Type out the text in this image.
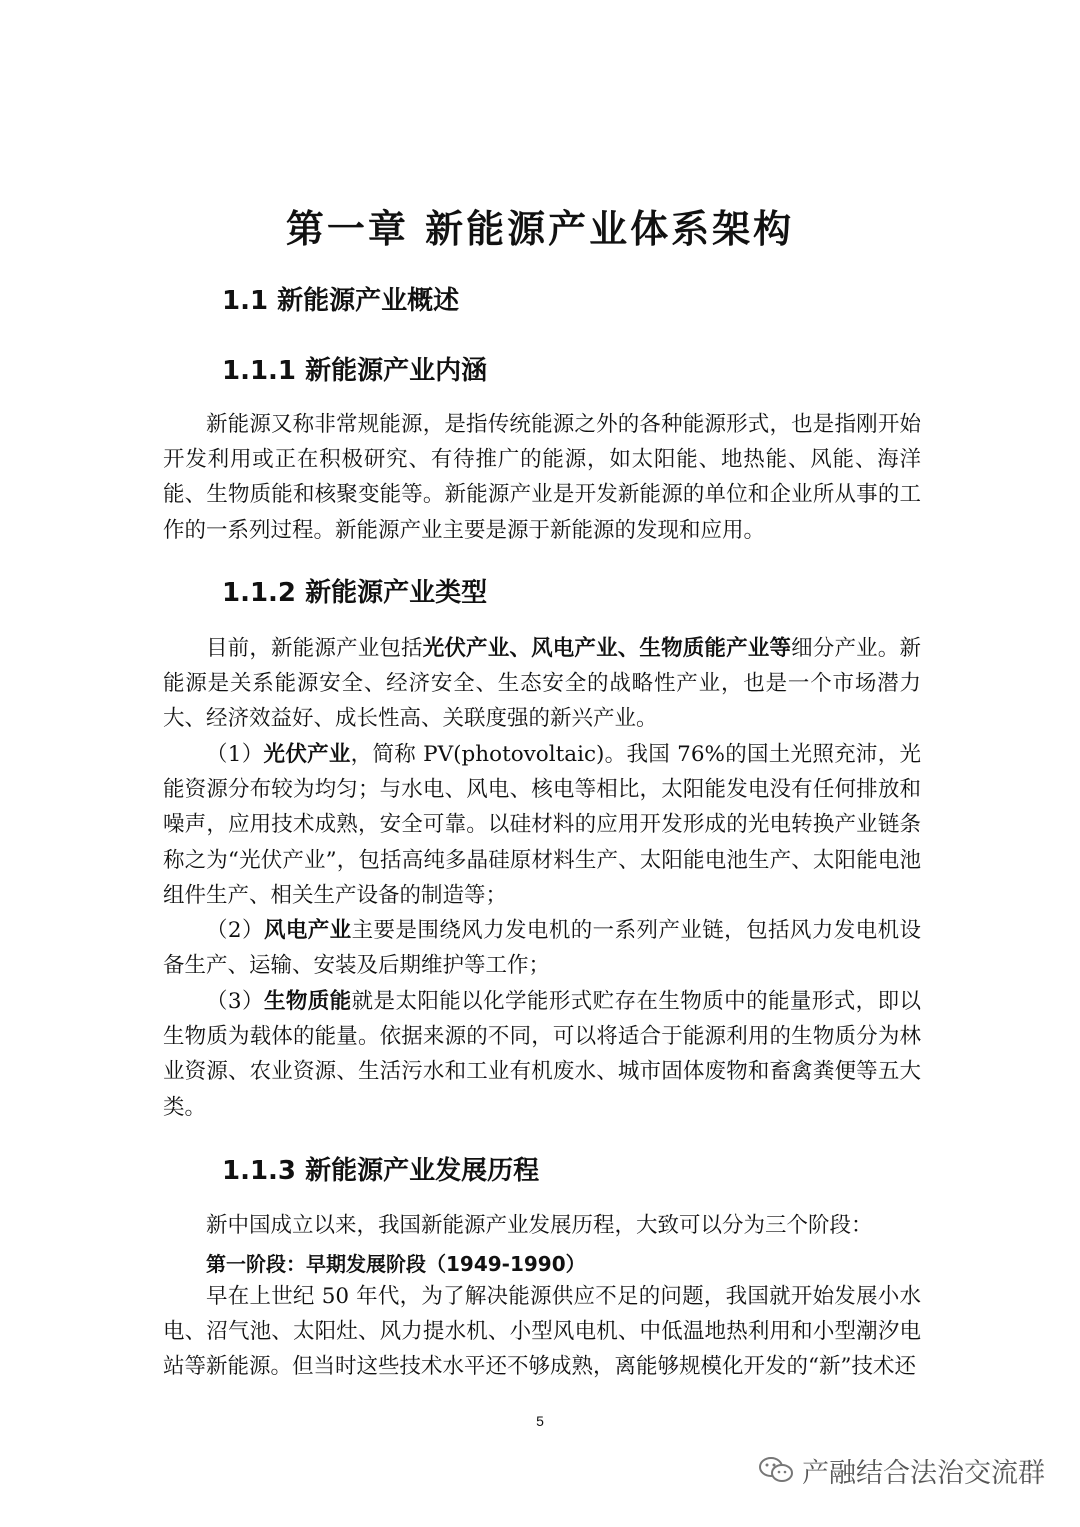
第一章 新能源产业体系架构
1.1 新能源产业概述
1.1.1 新能源产业内涵

新能源又称非常规能源，是指传统能源之外的各种能源形式，也是指刚开始开发利用或正在积极研究、有待推广的能源，如太阳能、地热能、风能、海洋能、生物质能和核聚变能等。新能源产业是开发新能源的单位和企业所从事的工作的一系列过程。新能源产业主要是源于新能源的发现和应用。

1.1.2 新能源产业类型

目前，新能源产业包括光伏产业、风电产业、生物质能产业等细分产业。新能源是关系能源安全、经济安全、生态安全的战略性产业，也是一个市场潜力大、经济效益好、成长性高、关联度强的新兴产业。

（1）光伏产业，简称 PV(photovoltaic)。我国 76%的国土光照充沛，光能资源分布较为均匀；与水电、风电、核电等相比，太阳能发电没有任何排放和噪声，应用技术成熟，安全可靠。以硅材料的应用开发形成的光电转换产业链条称之为“光伏产业”，包括高纯多晶硅原材料生产、太阳能电池生产、太阳能电池组件生产、相关生产设备的制造等；

（2）风电产业主要是围绕风力发电机的一系列产业链，包括风力发电机设备生产、运输、安装及后期维护等工作；

（3）生物质能就是太阳能以化学能形式贮存在生物质中的能量形式，即以生物质为载体的能量。依据来源的不同，可以将适合于能源利用的生物质分为林业资源、农业资源、生活污水和工业有机废水、城市固体废物和畜禽粪便等五大类。

1.1.3 新能源产业发展历程

新中国成立以来，我国新能源产业发展历程，大致可以分为三个阶段：

第一阶段：早期发展阶段（1949-1990）

早在上世纪 50 年代，为了解决能源供应不足的问题，我国就开始发展小水电、沼气池、太阳灶、风力提水机、小型风电机、中低温地热利用和小型潮汐电站等新能源。但当时这些技术水平还不够成熟，离能够规模化开发的“新”技术还

5
产融结合法治交流群
